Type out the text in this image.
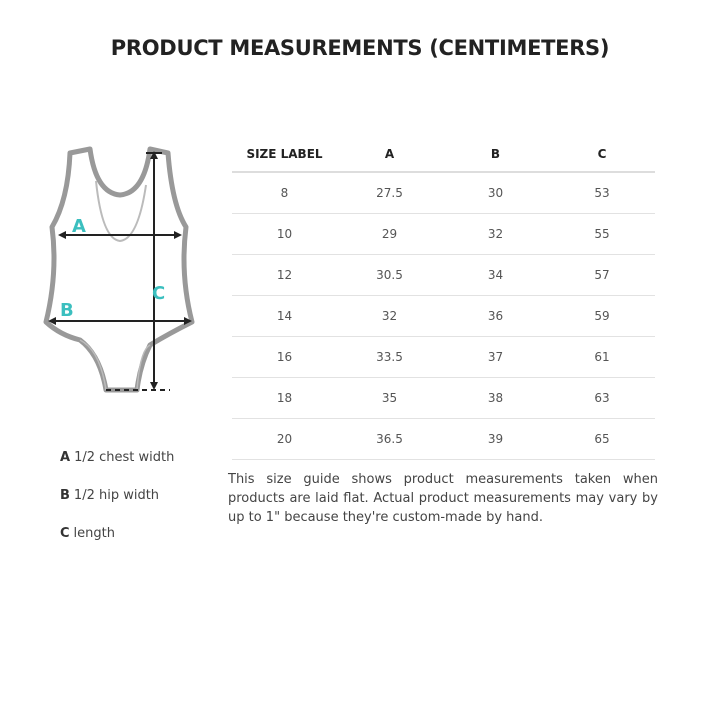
PRODUCT MEASUREMENTS (CENTIMETERS)
A
B
C
A 1/2 chest width
B 1/2 hip width
C length
SIZE LABEL	A	B	C
8	27.5	30	53
10	29	32	55
12	30.5	34	57
14	32	36	59
16	33.5	37	61
18	35	38	63
20	36.5	39	65
This size guide shows product measurements taken when products are laid flat. Actual product measurements may vary by up to 1" because they're custom-made by hand.
